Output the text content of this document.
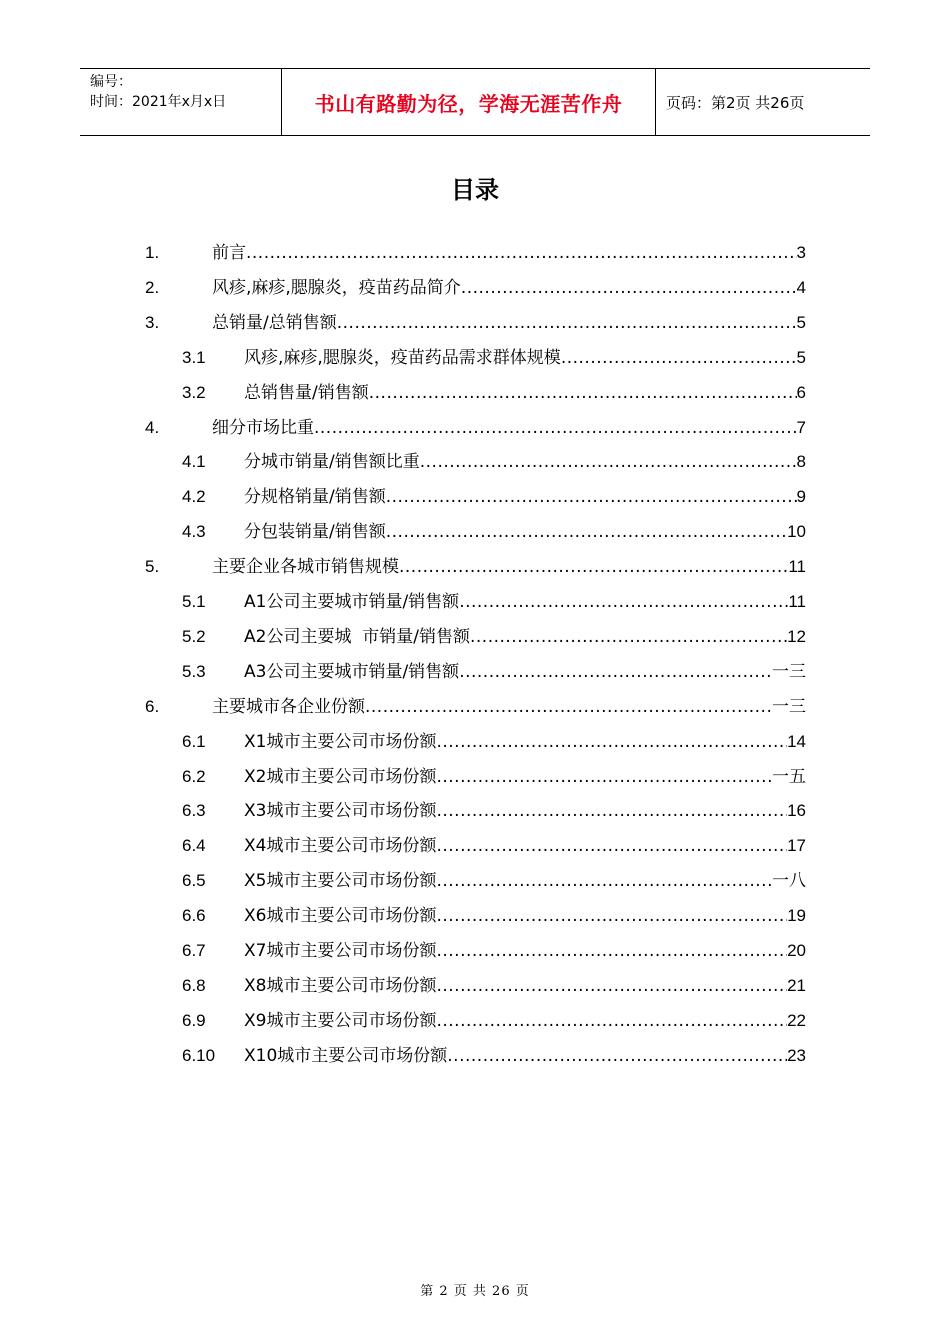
编号：
时间：2021年x月x日	书山有路勤为径，学海无涯苦作舟	页码：第2页 共26页
目录
1.	前言 .....	3
2.	风疹,麻疹,腮腺炎，疫苗药品简介 .....	4
3.	总销量/总销售额 .....	5
3.1 风疹,麻疹,腮腺炎，疫苗药品需求群体规模 .....	5
3.2 总销售量/销售额 .....	6
4.	细分市场比重 .....	7
4.1 分城市销量/销售额比重 .....	8
4.2 分规格销量/销售额 .....	9
4.3 分包装销量/销售额 .....	10
5.	主要企业各城市销售规模 .....	11
5.1 A1公司主要城市销量/销售额 .....	11
5.2 A2公司主要城  市销量/销售额 .....	12
5.3 A3公司主要城市销量/销售额 .....	一三
6.	主要城市各企业份额 .....	一三
6.1 X1城市主要公司市场份额 .....	14
6.2 X2城市主要公司市场份额 .....	一五
6.3 X3城市主要公司市场份额 .....	16
6.4 X4城市主要公司市场份额 .....	17
6.5 X5城市主要公司市场份额 .....	一八
6.6 X6城市主要公司市场份额 .....	19
6.7 X7城市主要公司市场份额 .....	20
6.8 X8城市主要公司市场份额 .....	21
6.9 X9城市主要公司市场份额 .....	22
6.10 X10城市主要公司市场份额 .....	23
第 2 页 共 26 页
